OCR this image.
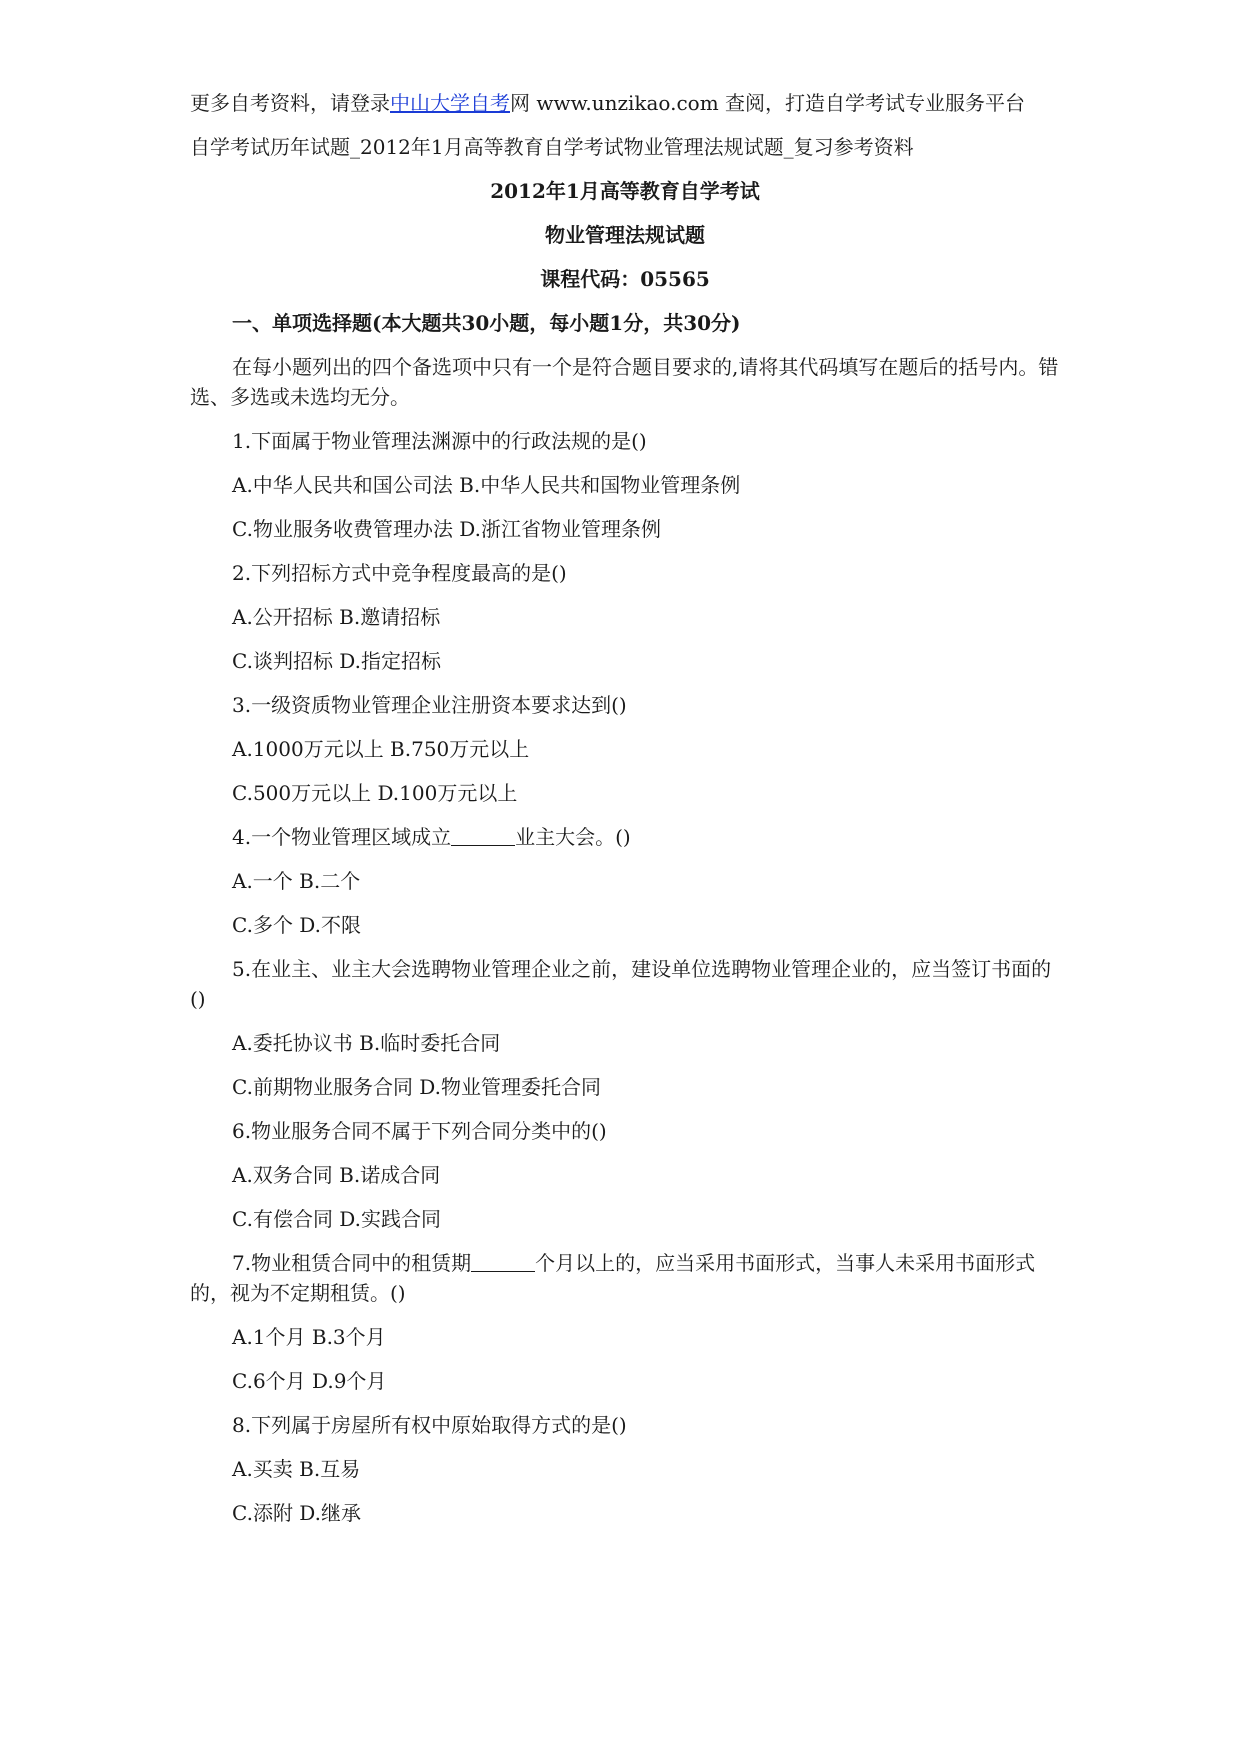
更多自考资料，请登录中山大学自考网 www.unzikao.com 查阅，打造自学考试专业服务平台

自学考试历年试题_2012年1月高等教育自学考试物业管理法规试题_复习参考资料

2012年1月高等教育自学考试

物业管理法规试题

课程代码：05565

一、单项选择题(本大题共30小题，每小题1分，共30分)

在每小题列出的四个备选项中只有一个是符合题目要求的,请将其代码填写在题后的括号内。错选、多选或未选均无分。

1.下面属于物业管理法渊源中的行政法规的是()

A.中华人民共和国公司法 B.中华人民共和国物业管理条例

C.物业服务收费管理办法 D.浙江省物业管理条例

2.下列招标方式中竞争程度最高的是()

A.公开招标 B.邀请招标

C.谈判招标 D.指定招标

3.一级资质物业管理企业注册资本要求达到()

A.1000万元以上 B.750万元以上

C.500万元以上 D.100万元以上

4.一个物业管理区域成立	业主大会。()

A.一个 B.二个

C.多个 D.不限

5.在业主、业主大会选聘物业管理企业之前，建设单位选聘物业管理企业的，应当签订书面的()

A.委托协议书 B.临时委托合同

C.前期物业服务合同 D.物业管理委托合同

6.物业服务合同不属于下列合同分类中的()

A.双务合同 B.诺成合同

C.有偿合同 D.实践合同

7.物业租赁合同中的租赁期	个月以上的，应当采用书面形式，当事人未采用书面形式的，视为不定期租赁。()

A.1个月 B.3个月

C.6个月 D.9个月

8.下列属于房屋所有权中原始取得方式的是()

A.买卖 B.互易

C.添附 D.继承
